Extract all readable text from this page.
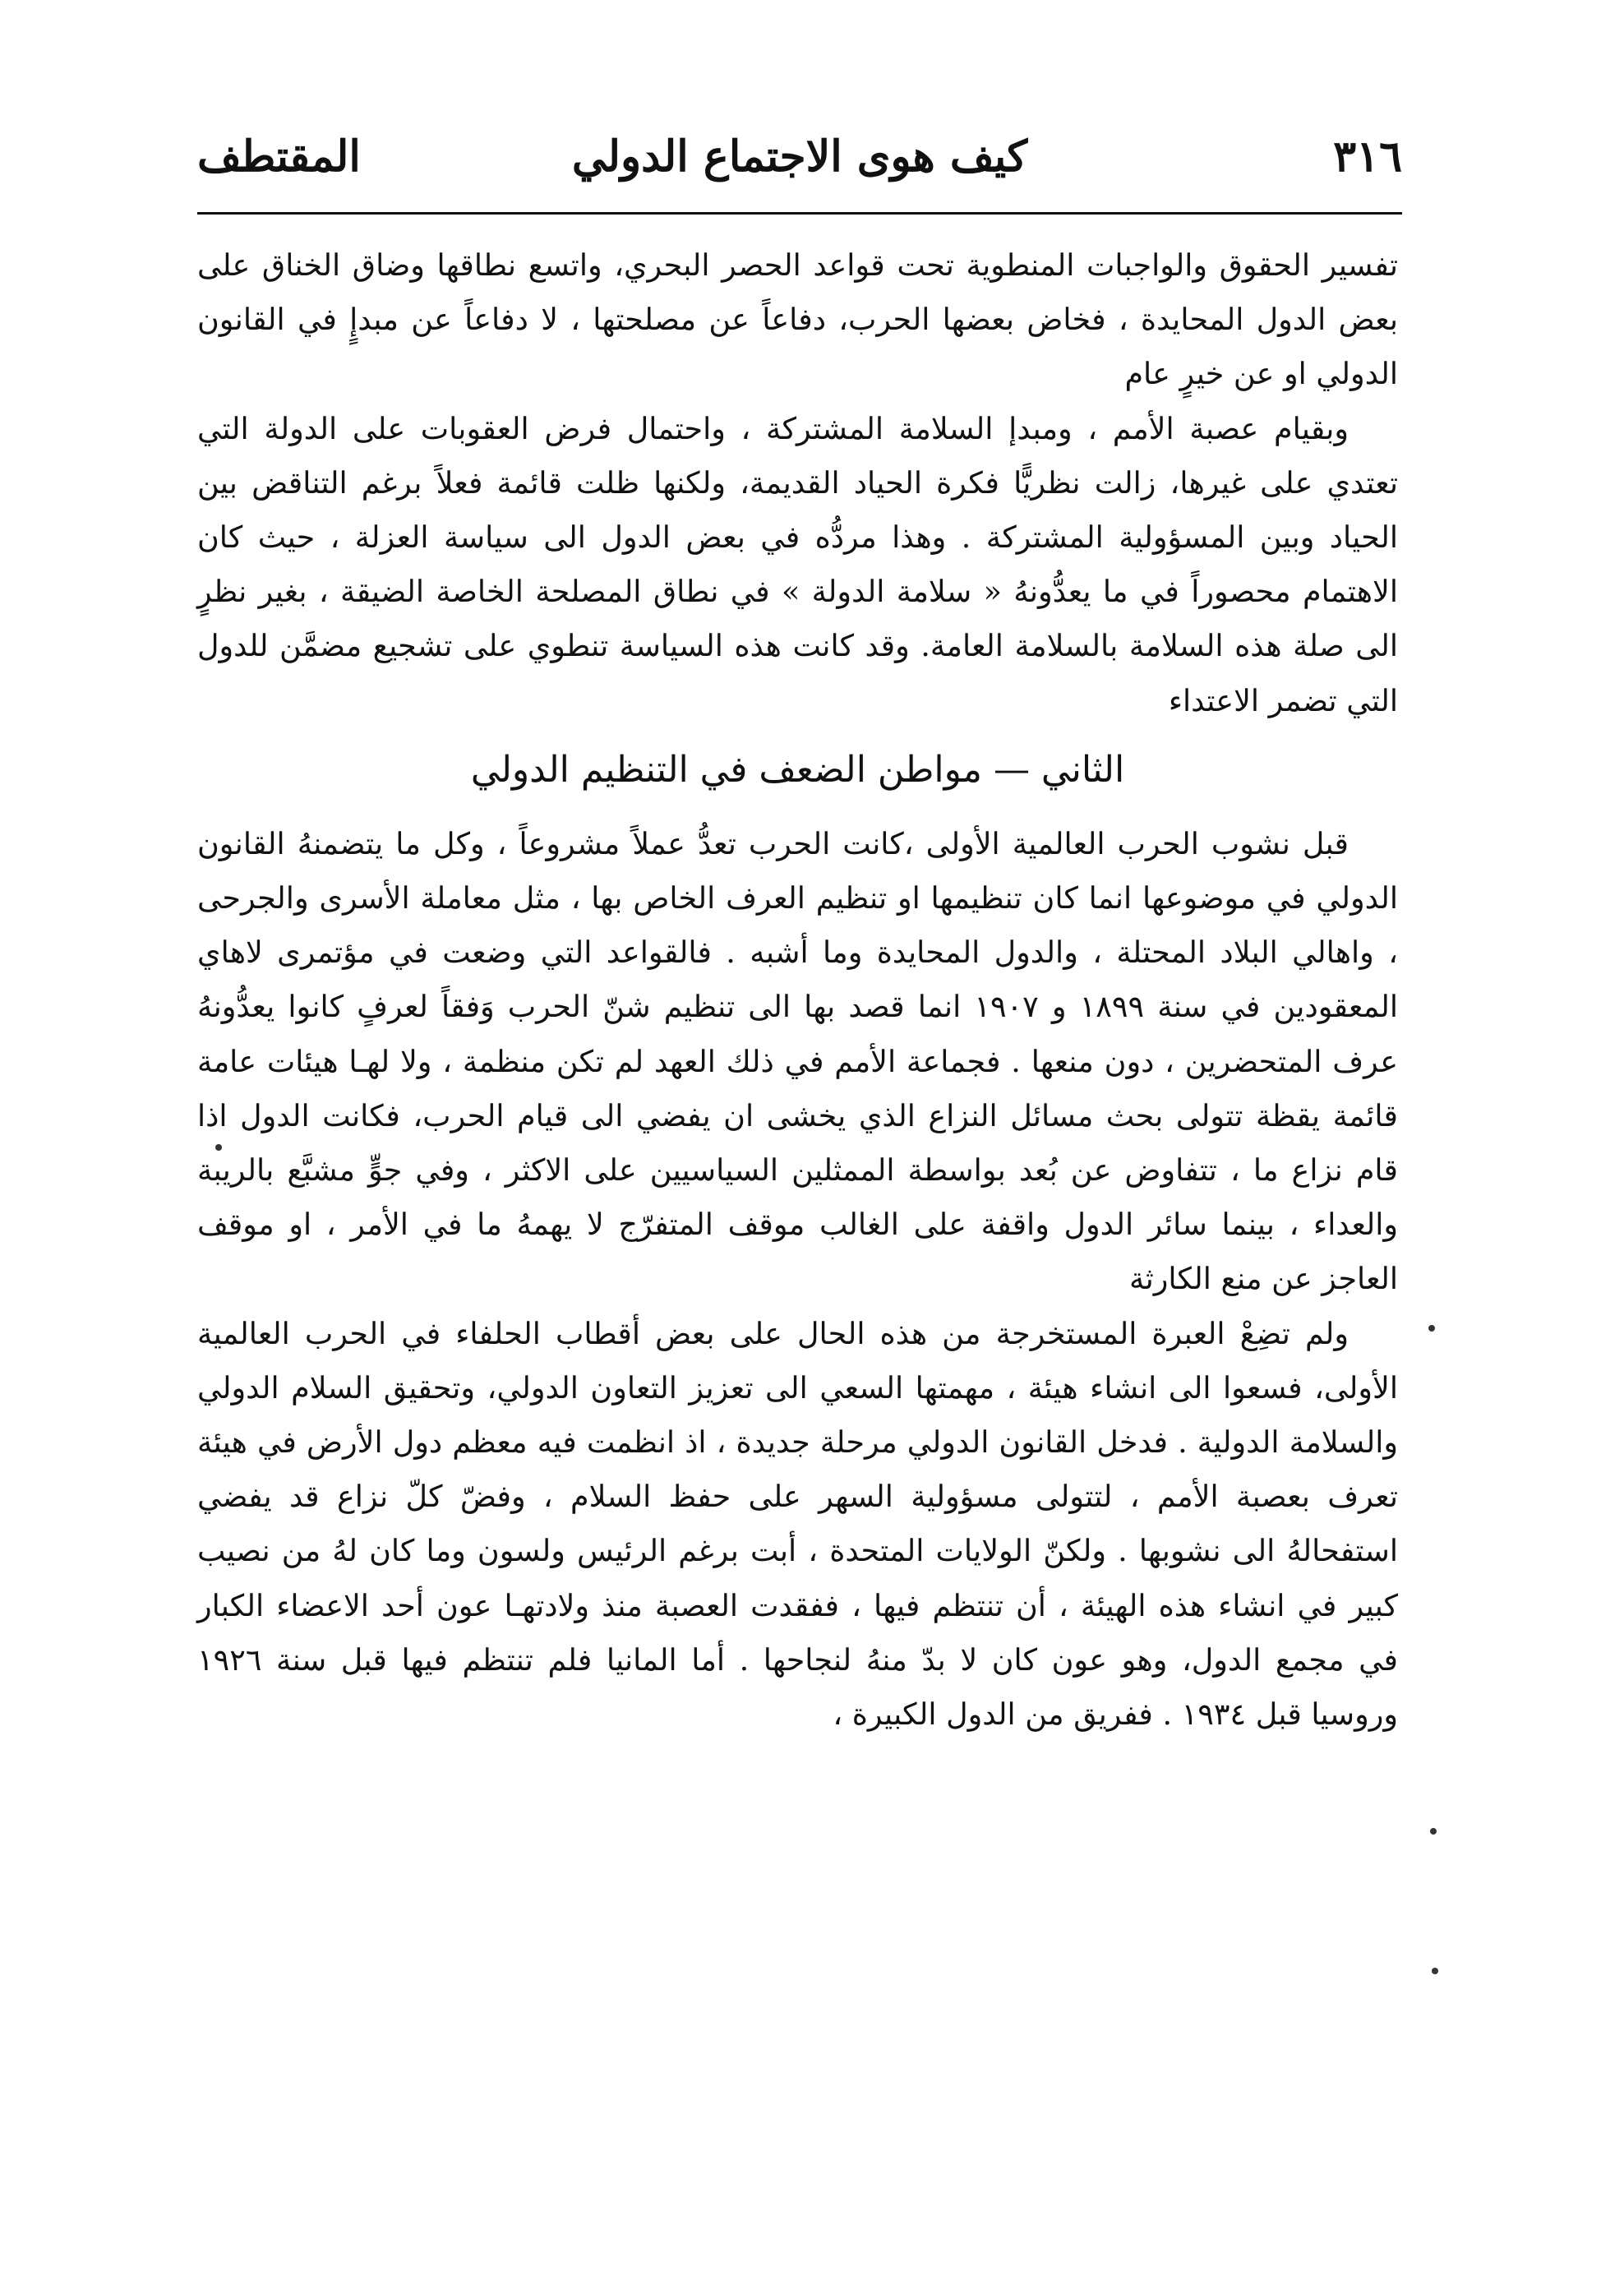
٣١٦
كيف هوى الاجتماع الدولي
المقتطف

تفسير الحقوق والواجبات المنطوية تحت قواعد الحصر البحري، واتسع نطاقها وضاق الخناق على بعض الدول المحايدة ، فخاض بعضها الحرب، دفاعاً عن مصلحتها ، لا دفاعاً عن مبدإٍ في القانون الدولي او عن خيرٍ عام

وبقيام عصبة الأمم ، ومبدإ السلامة المشتركة ، واحتمال فرض العقوبات على الدولة التي تعتدي على غيرها، زالت نظريًّا فكرة الحياد القديمة، ولكنها ظلت قائمة فعلاً برغم التناقض بين الحياد وبين المسؤولية المشتركة . وهذا مردُّه في بعض الدول الى سياسة العزلة ، حيث كان الاهتمام محصوراً في ما يعدُّونهُ « سلامة الدولة » في نطاق المصلحة الخاصة الضيقة ، بغير نظرٍ الى صلة هذه السلامة بالسلامة العامة. وقد كانت هذه السياسة تنطوي على تشجيع مضمَّن للدول التي تضمر الاعتداء

الثاني — مواطن الضعف في التنظيم الدولي

قبل نشوب الحرب العالمية الأولى ،كانت الحرب تعدُّ عملاً مشروعاً ، وكل ما يتضمنهُ القانون الدولي في موضوعها انما كان تنظيمها او تنظيم العرف الخاص بها ، مثل معاملة الأسرى والجرحى ، واهالي البلاد المحتلة ، والدول المحايدة وما أشبه . فالقواعد التي وضعت في مؤتمرى لاهاي المعقودين في سنة ١٨٩٩ و ١٩٠٧ انما قصد بها الى تنظيم شنّ الحرب وَفقاً لعرفٍ كانوا يعدُّونهُ عرف المتحضرين ، دون منعها . فجماعة الأمم في ذلك العهد لم تكن منظمة ، ولا لهـا هيئات عامة قائمة يقظة تتولى بحث مسائل النزاع الذي يخشى ان يفضي الى قيام الحرب، فكانت الدول اذا قام نزاع ما ، تتفاوض عن بُعد بواسطة الممثلين السياسيين على الاكثر ، وفي جوٍّ مشبَّع بالريبة والعداء ، بينما سائر الدول واقفة على الغالب موقف المتفرّج لا يهمهُ ما في الأمر ، او موقف العاجز عن منع الكارثة

ولم تضِعْ العبرة المستخرجة من هذه الحال على بعض أقطاب الحلفاء في الحرب العالمية الأولى، فسعوا الى انشاء هيئة ، مهمتها السعي الى تعزيز التعاون الدولي، وتحقيق السلام الدولي والسلامة الدولية . فدخل القانون الدولي مرحلة جديدة ، اذ انظمت فيه معظم دول الأرض في هيئة تعرف بعصبة الأمم ، لتتولى مسؤولية السهر على حفظ السلام ، وفضّ كلّ نزاع قد يفضي استفحالهُ الى نشوبها . ولكنّ الولايات المتحدة ، أبت برغم الرئيس ولسون وما كان لهُ من نصيب كبير في انشاء هذه الهيئة ، أن تنتظم فيها ، ففقدت العصبة منذ ولادتهـا عون أحد الاعضاء الكبار في مجمع الدول، وهو عون كان لا بدّ منهُ لنجاحها . أما المانيا فلم تنتظم فيها قبل سنة ١٩٢٦ وروسيا قبل ١٩٣٤ . ففريق من الدول الكبيرة ،
